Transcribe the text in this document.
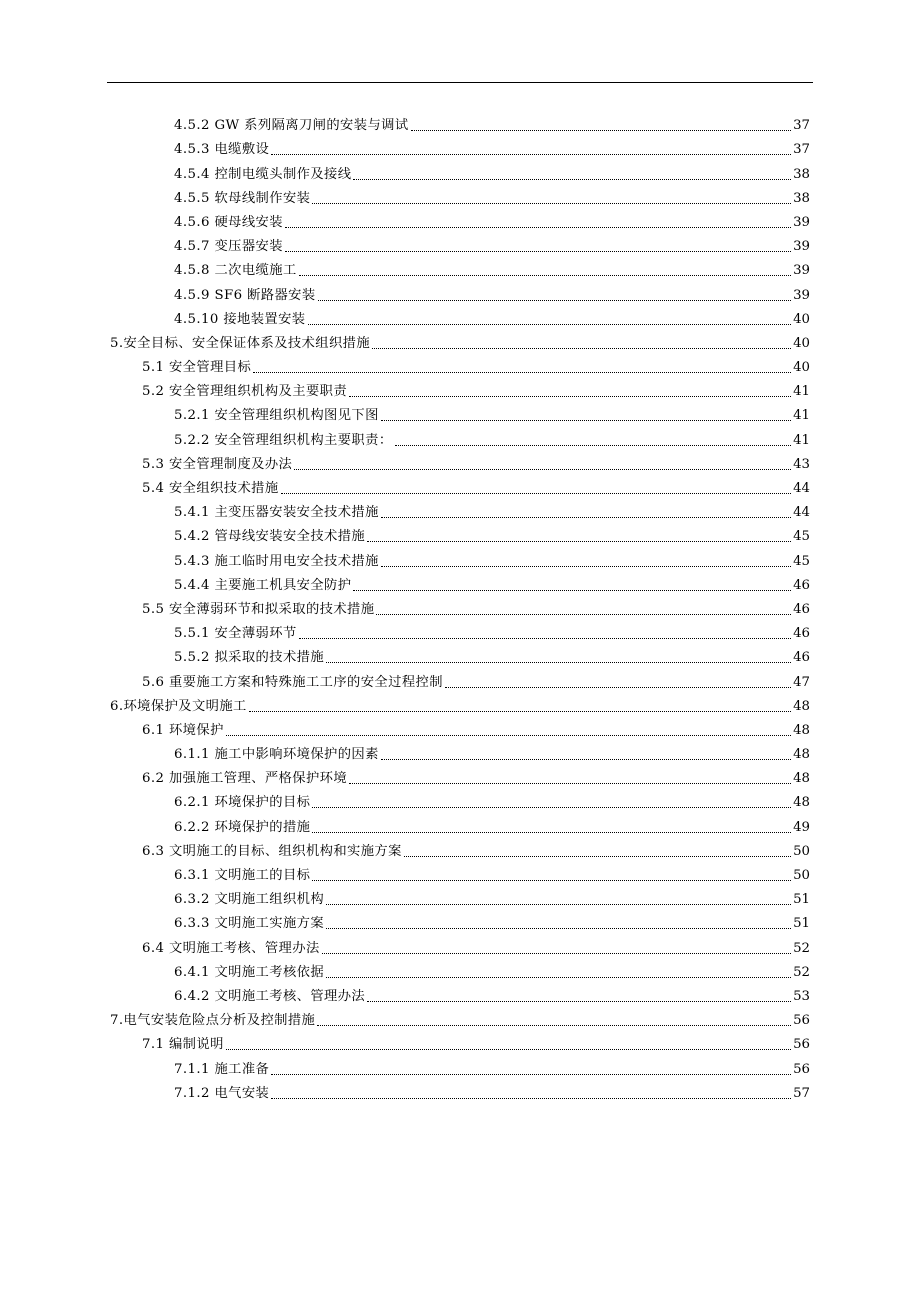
4.5.2 GW 系列隔离刀闸的安装与调试	37
4.5.3 电缆敷设	37
4.5.4 控制电缆头制作及接线	38
4.5.5 软母线制作安装	38
4.5.6 硬母线安装	39
4.5.7 变压器安装	39
4.5.8 二次电缆施工	39
4.5.9 SF6 断路器安装	39
4.5.10 接地装置安装	40
5.安全目标、安全保证体系及技术组织措施	40
5.1 安全管理目标	40
5.2 安全管理组织机构及主要职责	41
5.2.1 安全管理组织机构图见下图	41
5.2.2 安全管理组织机构主要职责：	41
5.3 安全管理制度及办法	43
5.4 安全组织技术措施	44
5.4.1 主变压器安装安全技术措施	44
5.4.2 管母线安装安全技术措施	45
5.4.3 施工临时用电安全技术措施	45
5.4.4 主要施工机具安全防护	46
5.5 安全薄弱环节和拟采取的技术措施	46
5.5.1 安全薄弱环节	46
5.5.2 拟采取的技术措施	46
5.6 重要施工方案和特殊施工工序的安全过程控制	47
6.环境保护及文明施工	48
6.1 环境保护	48
6.1.1 施工中影响环境保护的因素	48
6.2 加强施工管理、严格保护环境	48
6.2.1 环境保护的目标	48
6.2.2 环境保护的措施	49
6.3 文明施工的目标、组织机构和实施方案	50
6.3.1 文明施工的目标	50
6.3.2 文明施工组织机构	51
6.3.3 文明施工实施方案	51
6.4 文明施工考核、管理办法	52
6.4.1 文明施工考核依据	52
6.4.2 文明施工考核、管理办法	53
7.电气安装危险点分析及控制措施	56
7.1 编制说明	56
7.1.1 施工准备	56
7.1.2 电气安装	57
